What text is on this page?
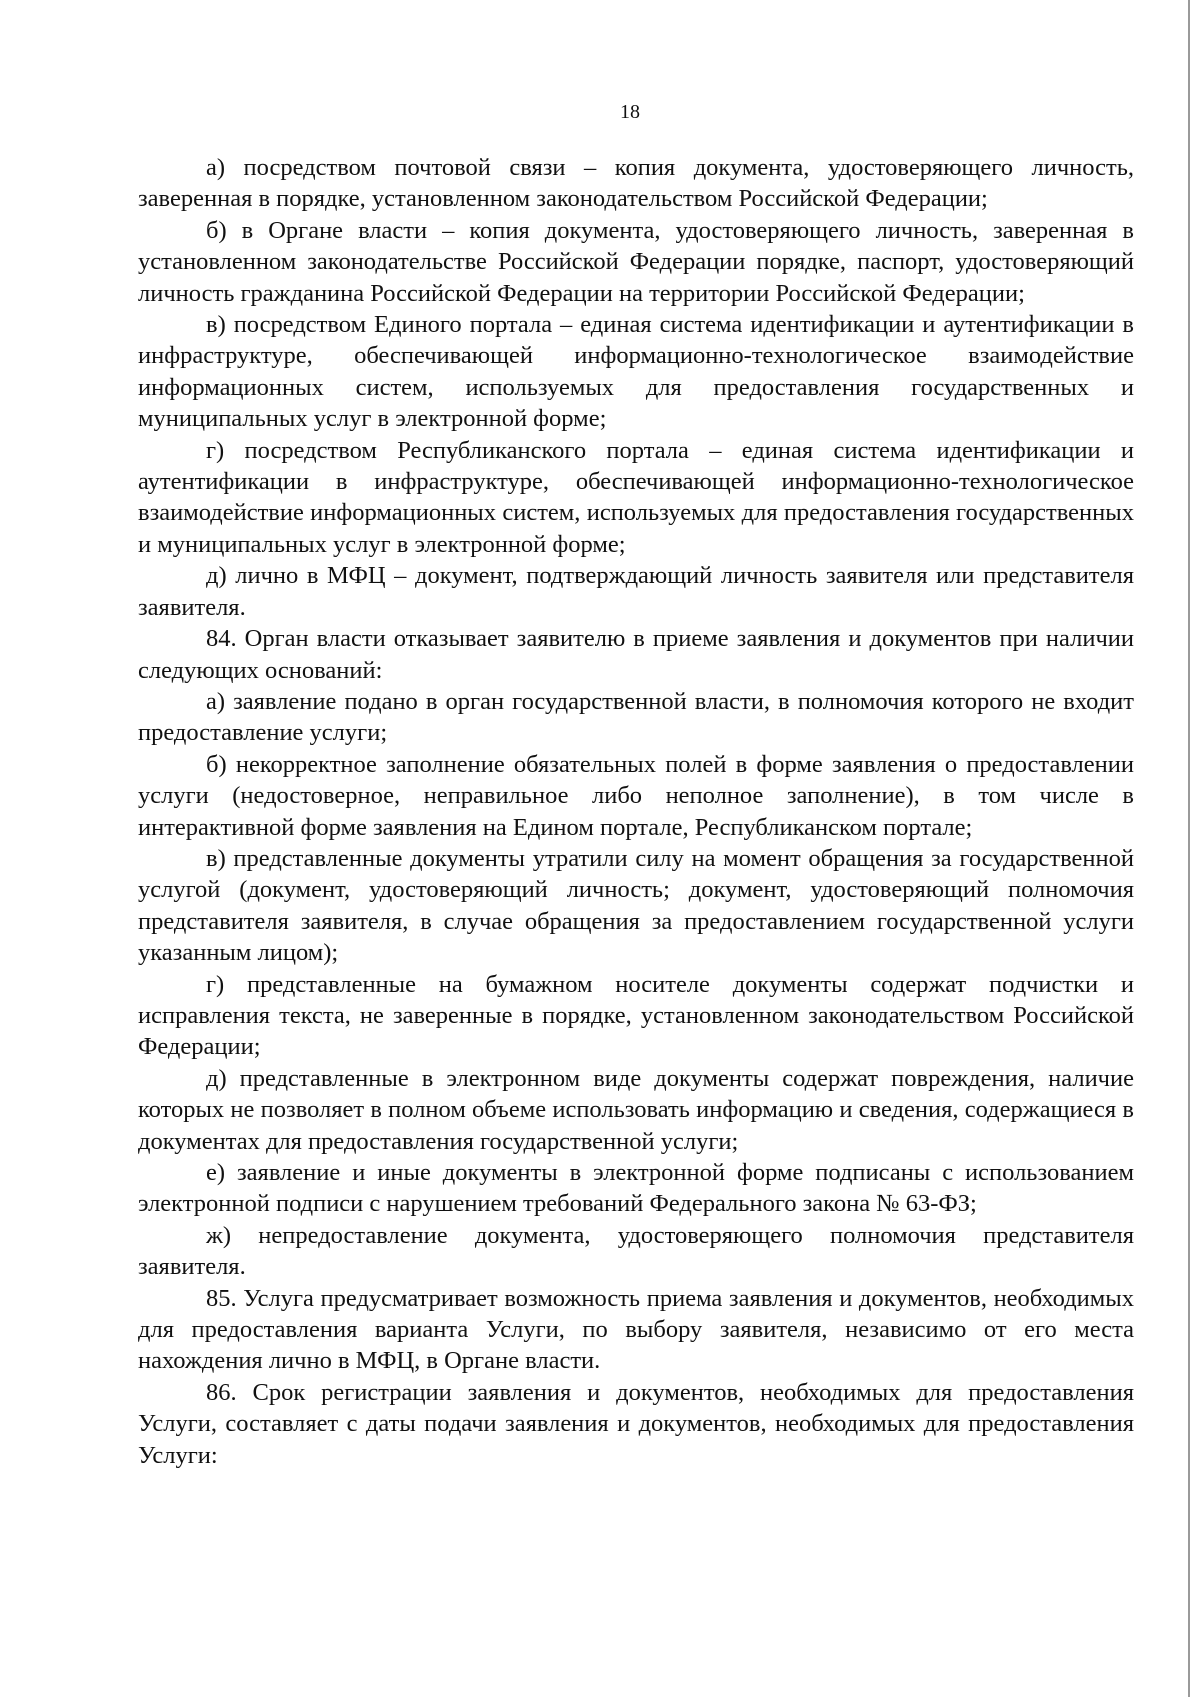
18

а) посредством почтовой связи – копия документа, удостоверяющего личность, заверенная в порядке, установленном законодательством Российской Федерации;

б) в Органе власти – копия документа, удостоверяющего личность, заверенная в установленном законодательстве Российской Федерации порядке, паспорт, удостоверяющий личность гражданина Российской Федерации на территории Российской Федерации;

в) посредством Единого портала – единая система идентификации и аутентификации в инфраструктуре, обеспечивающей информационно-технологическое взаимодействие информационных систем, используемых для предоставления государственных и муниципальных услуг в электронной форме;

г) посредством Республиканского портала – единая система идентификации и аутентификации в инфраструктуре, обеспечивающей информационно-технологическое взаимодействие информационных систем, используемых для предоставления государственных и муниципальных услуг в электронной форме;

д) лично в МФЦ – документ, подтверждающий личность заявителя или представителя заявителя.

84. Орган власти отказывает заявителю в приеме заявления и документов при наличии следующих оснований:

а) заявление подано в орган государственной власти, в полномочия которого не входит предоставление услуги;

б) некорректное заполнение обязательных полей в форме заявления о предоставлении услуги (недостоверное, неправильное либо неполное заполнение), в том числе в интерактивной форме заявления на Едином портале, Республиканском портале;

в) представленные документы утратили силу на момент обращения за государственной услугой (документ, удостоверяющий личность; документ, удостоверяющий полномочия представителя заявителя, в случае обращения за предоставлением государственной услуги указанным лицом);

г) представленные на бумажном носителе документы содержат подчистки и исправления текста, не заверенные в порядке, установленном законодательством Российской Федерации;

д) представленные в электронном виде документы содержат повреждения, наличие которых не позволяет в полном объеме использовать информацию и сведения, содержащиеся в документах для предоставления государственной услуги;

е) заявление и иные документы в электронной форме подписаны с использованием электронной подписи с нарушением требований Федерального закона № 63-ФЗ;

ж) непредоставление документа, удостоверяющего полномочия представителя заявителя.

85. Услуга предусматривает возможность приема заявления и документов, необходимых для предоставления варианта Услуги, по выбору заявителя, независимо от его места нахождения лично в МФЦ, в Органе власти.

86. Срок регистрации заявления и документов, необходимых для предоставления Услуги, составляет с даты подачи заявления и документов, необходимых для предоставления Услуги:
